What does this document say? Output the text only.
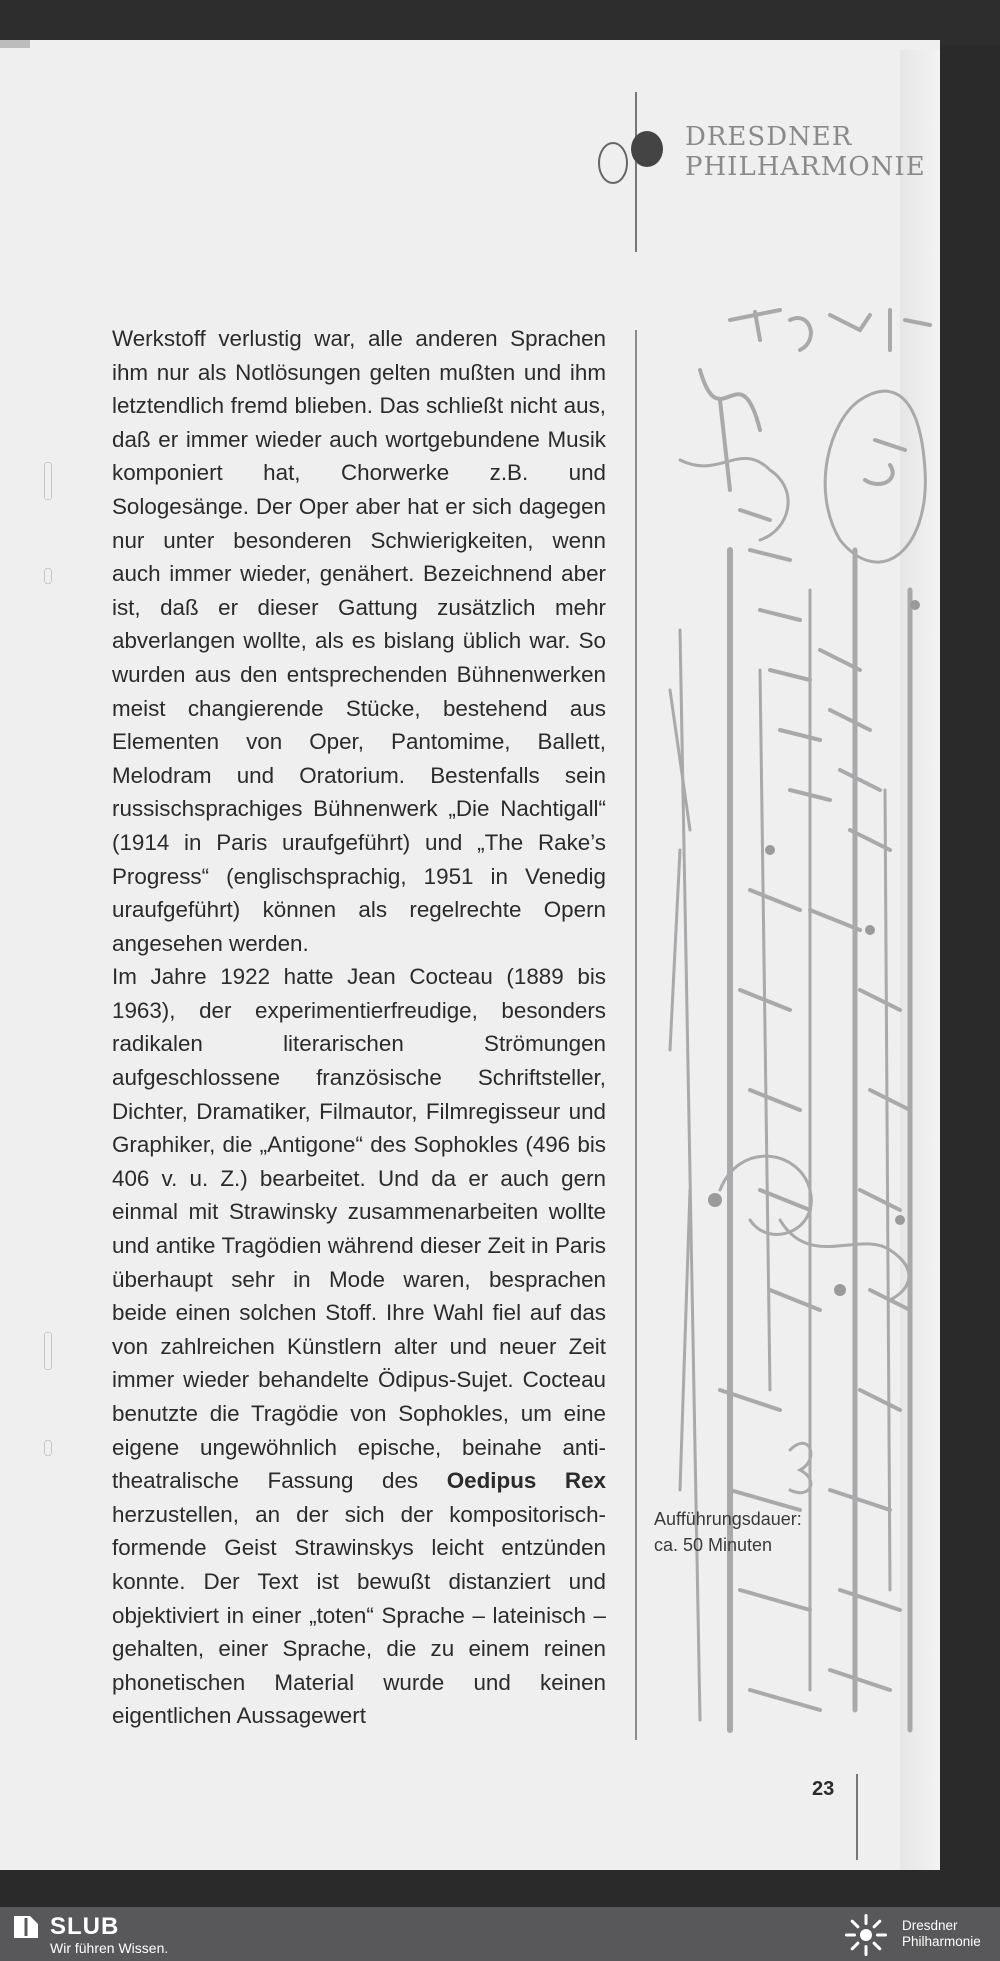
DRESDNER
PHILHARMONIE

Werkstoff verlustig war, alle anderen Sprachen ihm nur als Notlösungen gelten mußten und ihm letztendlich fremd blieben. Das schließt nicht aus, daß er immer wieder auch wortgebundene Musik komponiert hat, Chorwerke z.B. und Sologesänge. Der Oper aber hat er sich dagegen nur unter besonderen Schwierigkeiten, wenn auch immer wieder, genähert. Bezeichnend aber ist, daß er dieser Gattung zusätzlich mehr abverlangen wollte, als es bislang üblich war. So wurden aus den entsprechenden Bühnenwerken meist changierende Stücke, bestehend aus Elementen von Oper, Pantomime, Ballett, Melodram und Oratorium. Bestenfalls sein russischsprachiges Bühnenwerk „Die Nachtigall“ (1914 in Paris uraufgeführt) und „The Rake’s Progress“ (englischsprachig, 1951 in Venedig uraufgeführt) können als regelrechte Opern angesehen werden.

Im Jahre 1922 hatte Jean Cocteau (1889 bis 1963), der experimentierfreudige, besonders radikalen literarischen Strömungen aufgeschlossene französische Schriftsteller, Dichter, Dramatiker, Filmautor, Filmregisseur und Graphiker, die „Antigone“ des Sophokles (496 bis 406 v. u. Z.) bearbeitet. Und da er auch gern einmal mit Strawinsky zusammenarbeiten wollte und antike Tragödien während dieser Zeit in Paris überhaupt sehr in Mode waren, besprachen beide einen solchen Stoff. Ihre Wahl fiel auf das von zahlreichen Künstlern alter und neuer Zeit immer wieder behandelte Ödipus-Sujet. Cocteau benutzte die Tragödie von Sophokles, um eine eigene ungewöhnlich epische, beinahe anti-theatralische Fassung des Oedipus Rex herzustellen, an der sich der kompositorisch-formende Geist Strawinskys leicht entzünden konnte. Der Text ist bewußt distanziert und objektiviert in einer „toten“ Sprache – lateinisch – gehalten, einer Sprache, die zu einem reinen phonetischen Material wurde und keinen eigentlichen Aussagewert

Aufführungsdauer:
ca. 50 Minuten
23
SLUB
Wir führen Wissen.
Dresdner
Philharmonie
